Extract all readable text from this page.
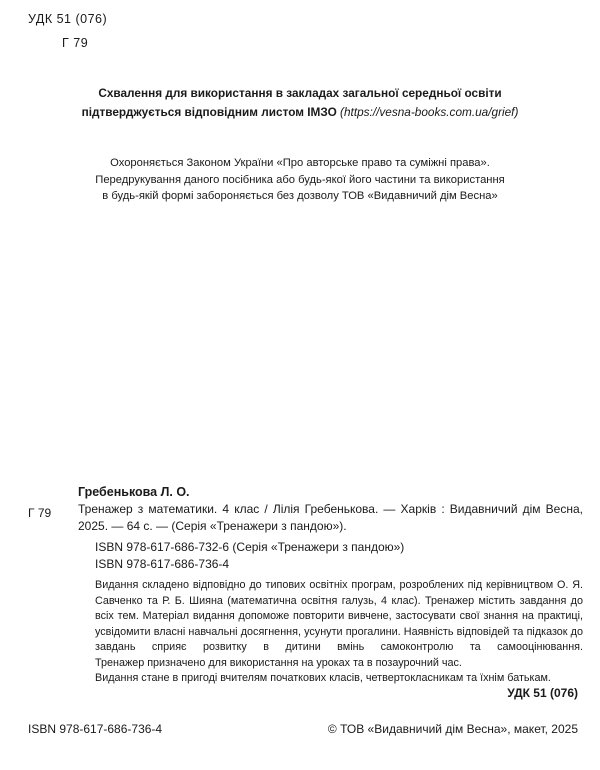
УДК 51 (076)
Г 79
Схвалення для використання в закладах загальної середньої освіти
підтверджується відповідним листом ІМЗО (https://vesna-books.com.ua/grief)
Охороняється Законом України «Про авторське право та суміжні права».
Передрукування даного посібника або будь-якої його частини та використання
в будь-якій формі забороняється без дозволу ТОВ «Видавничий дім Весна»
Гребенькова Л. О.
Г 79 Тренажер з математики. 4 клас / Лілія Гребенькова. — Харків : Видавничий дім Весна, 2025. — 64 с. — (Серія «Тренажери з пандою»).
ISBN 978-617-686-732-6 (Серія «Тренажери з пандою»)
ISBN 978-617-686-736-4

Видання складено відповідно до типових освітніх програм, розроблених під керівництвом О. Я. Савченко та Р. Б. Шияна (математична освітня галузь, 4 клас). Тренажер містить завдання до всіх тем. Матеріал видання допоможе повторити вивчене, застосувати свої знання на практиці, усвідомити власні навчальні досягнення, усунути прогалини. Наявність відповідей та підказок до завдань сприяє розвитку в дитини вмінь самоконтролю та самооцінювання.

Тренажер призначено для використання на уроках та в позаурочний час.

Видання стане в пригоді вчителям початкових класів, четвертокласникам та їхнім батькам.

УДК 51 (076)
ISBN 978-617-686-736-4	© ТОВ «Видавничий дім Весна», макет, 2025
